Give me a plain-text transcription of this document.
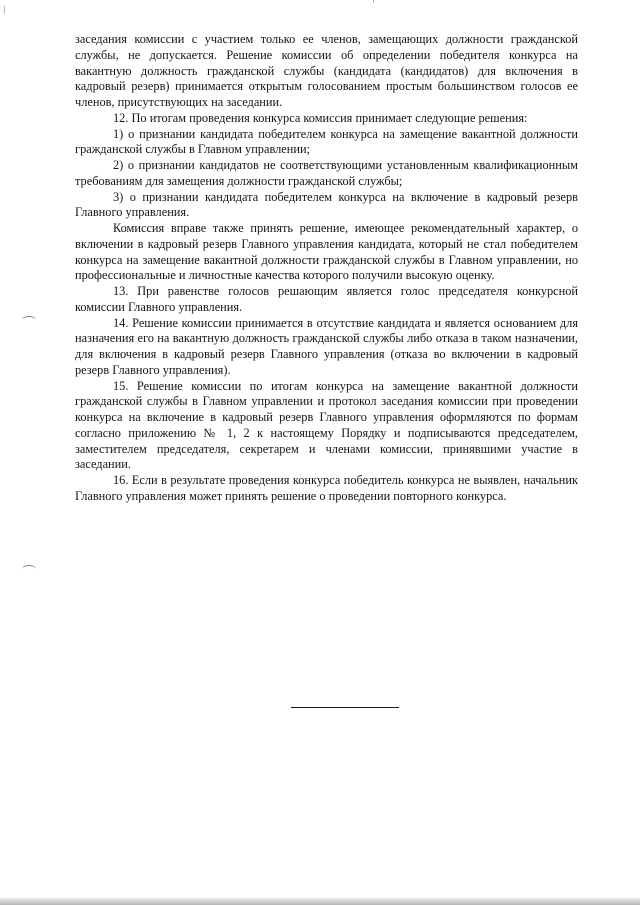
заседания комиссии с участием только ее членов, замещающих должности гражданской службы, не допускается. Решение комиссии об определении победителя конкурса на вакантную должность гражданской службы (кандидата (кандидатов) для включения в кадровый резерв) принимается открытым голосованием простым большинством голосов ее членов, присутствующих на заседании.

12. По итогам проведения конкурса комиссия принимает следующие решения:

1) о признании кандидата победителем конкурса на замещение вакантной должности гражданской службы в Главном управлении;

2) о признании кандидатов не соответствующими установленным квалификационным требованиям для замещения должности гражданской службы;

3) о признании кандидата победителем конкурса на включение в кадровый резерв Главного управления.

Комиссия вправе также принять решение, имеющее рекомендательный характер, о включении в кадровый резерв Главного управления кандидата, который не стал победителем конкурса на замещение вакантной должности гражданской службы в Главном управлении, но профессиональные и личностные качества которого получили высокую оценку.

13. При равенстве голосов решающим является голос председателя конкурсной комиссии Главного управления.

14. Решение комиссии принимается в отсутствие кандидата и является основанием для назначения его на вакантную должность гражданской службы либо отказа в таком назначении, для включения в кадровый резерв Главного управления (отказа во включении в кадровый резерв Главного управления).

15. Решение комиссии по итогам конкурса на замещение вакантной должности гражданской службы в Главном управлении и протокол заседания комиссии при проведении конкурса на включение в кадровый резерв Главного управления оформляются по формам согласно приложению № 1, 2 к настоящему Порядку и подписываются председателем, заместителем председателя, секретарем и членами комиссии, принявшими участие в заседании.

16. Если в результате проведения конкурса победитель конкурса не выявлен, начальник Главного управления может принять решение о проведении повторного конкурса.
